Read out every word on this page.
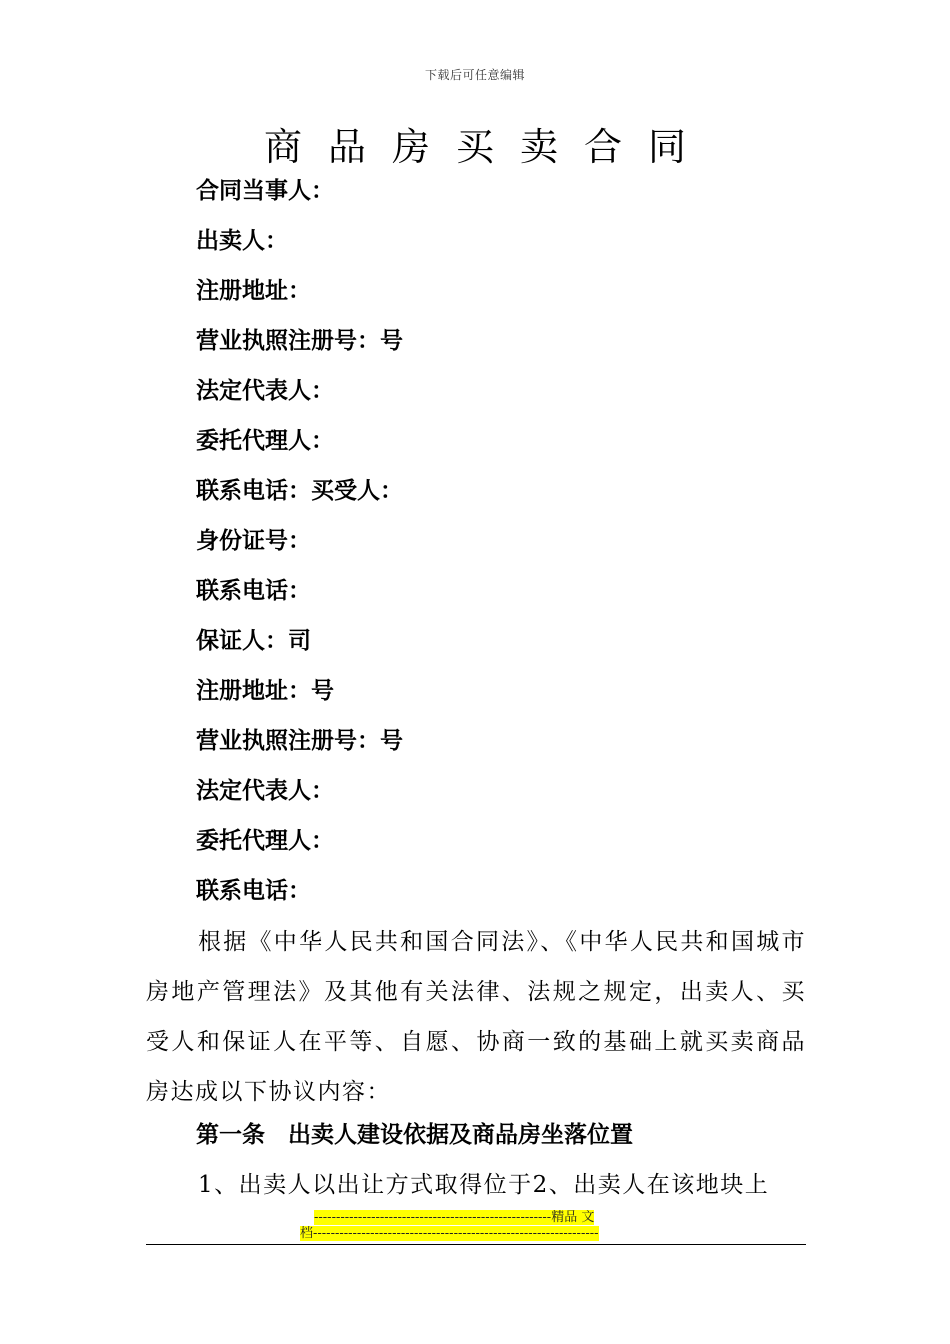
下载后可任意编辑
商品房买卖合同
合同当事人：
出卖人：
注册地址：
营业执照注册号：号
法定代表人：
委托代理人：
联系电话：买受人：
身份证号：
联系电话：
保证人：司
注册地址：号
营业执照注册号：号
法定代表人：
委托代理人：
联系电话：

根据《中华人民共和国合同法》、《中华人民共和国城市房地产管理法》及其他有关法律、法规之规定，出卖人、买受人和保证人在平等、自愿、协商一致的基础上就买卖商品房达成以下协议内容：

第一条　出卖人建设依据及商品房坐落位置

1、出卖人以出让方式取得位于2、出卖人在该地块上

------------------------------------------------------精品 文
档-----------------------------------------------------------------
